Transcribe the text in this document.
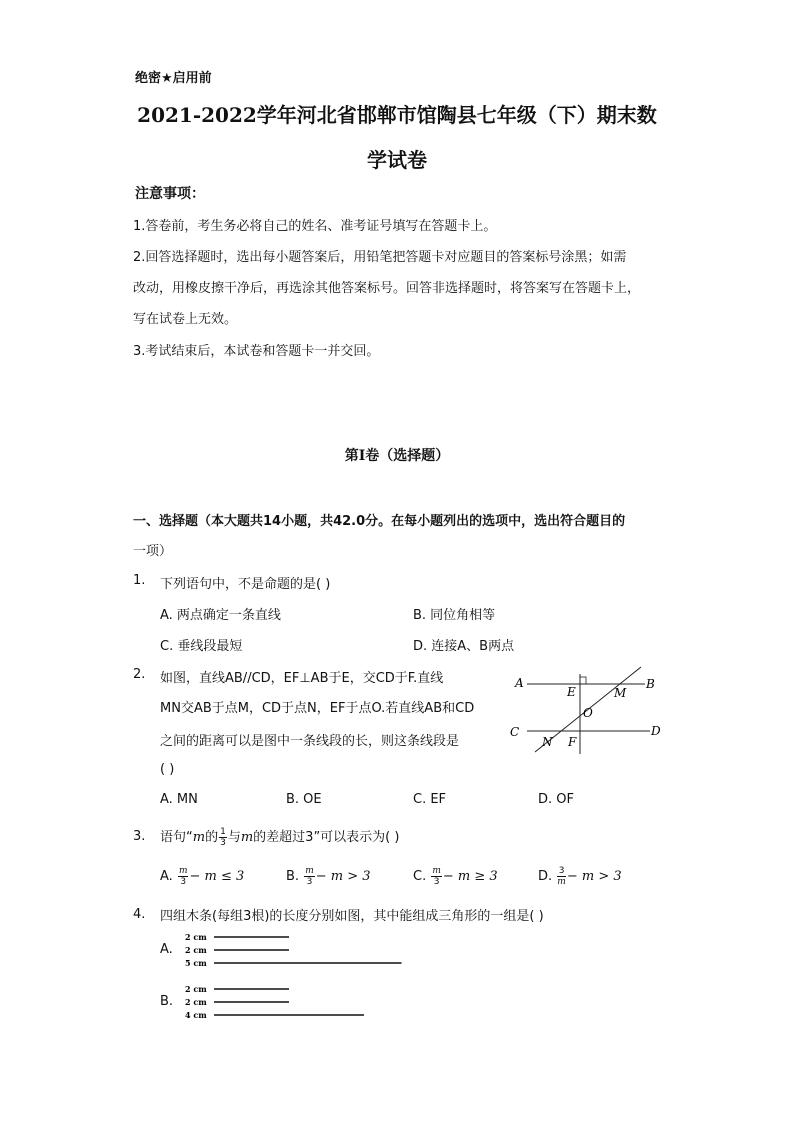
绝密★启用前
2021-2022学年河北省邯郸市馆陶县七年级（下）期末数
学试卷
注意事项：
1.答卷前，考生务必将自己的姓名、准考证号填写在答题卡上。
2.回答选择题时，选出每小题答案后，用铅笔把答题卡对应题目的答案标号涂黑；如需
改动，用橡皮擦干净后，再选涂其他答案标号。回答非选择题时，将答案写在答题卡上，
写在试卷上无效。
3.考试结束后，本试卷和答题卡一并交回。
第Ⅰ卷（选择题）
一、选择题（本大题共14小题，共42.0分。在每小题列出的选项中，选出符合题目的
一项）
1. 下列语句中，不是命题的是( )
A. 两点确定一条直线	B. 同位角相等
C. 垂线段最短	D. 连接A、B两点
2. 如图，直线AB//CD，EF⊥AB于E，交CD于F.直线
MN交AB于点M，CD于点N，EF于点O.若直线AB和CD
之间的距离可以是图中一条线段的长，则这条线段是
( )
A. MN	B. OE	C. EF	D. OF
A	B
C	D
E
F
M
N
O
3. 语句“m的 $\frac{1}{3}$ 与m的差超过3”可以表示为( )
A. $\frac{m}{3} - m \le 3$	B. $\frac{m}{3} - m > 3$	C. $\frac{m}{3} - m \ge 3$	D. $\frac{3}{m} - m > 3$
4. 四组木条(每组3根)的长度分别如图，其中能组成三角形的一组是( )
A.
2 cm
2 cm
5 cm
B.
2 cm
2 cm
4 cm
